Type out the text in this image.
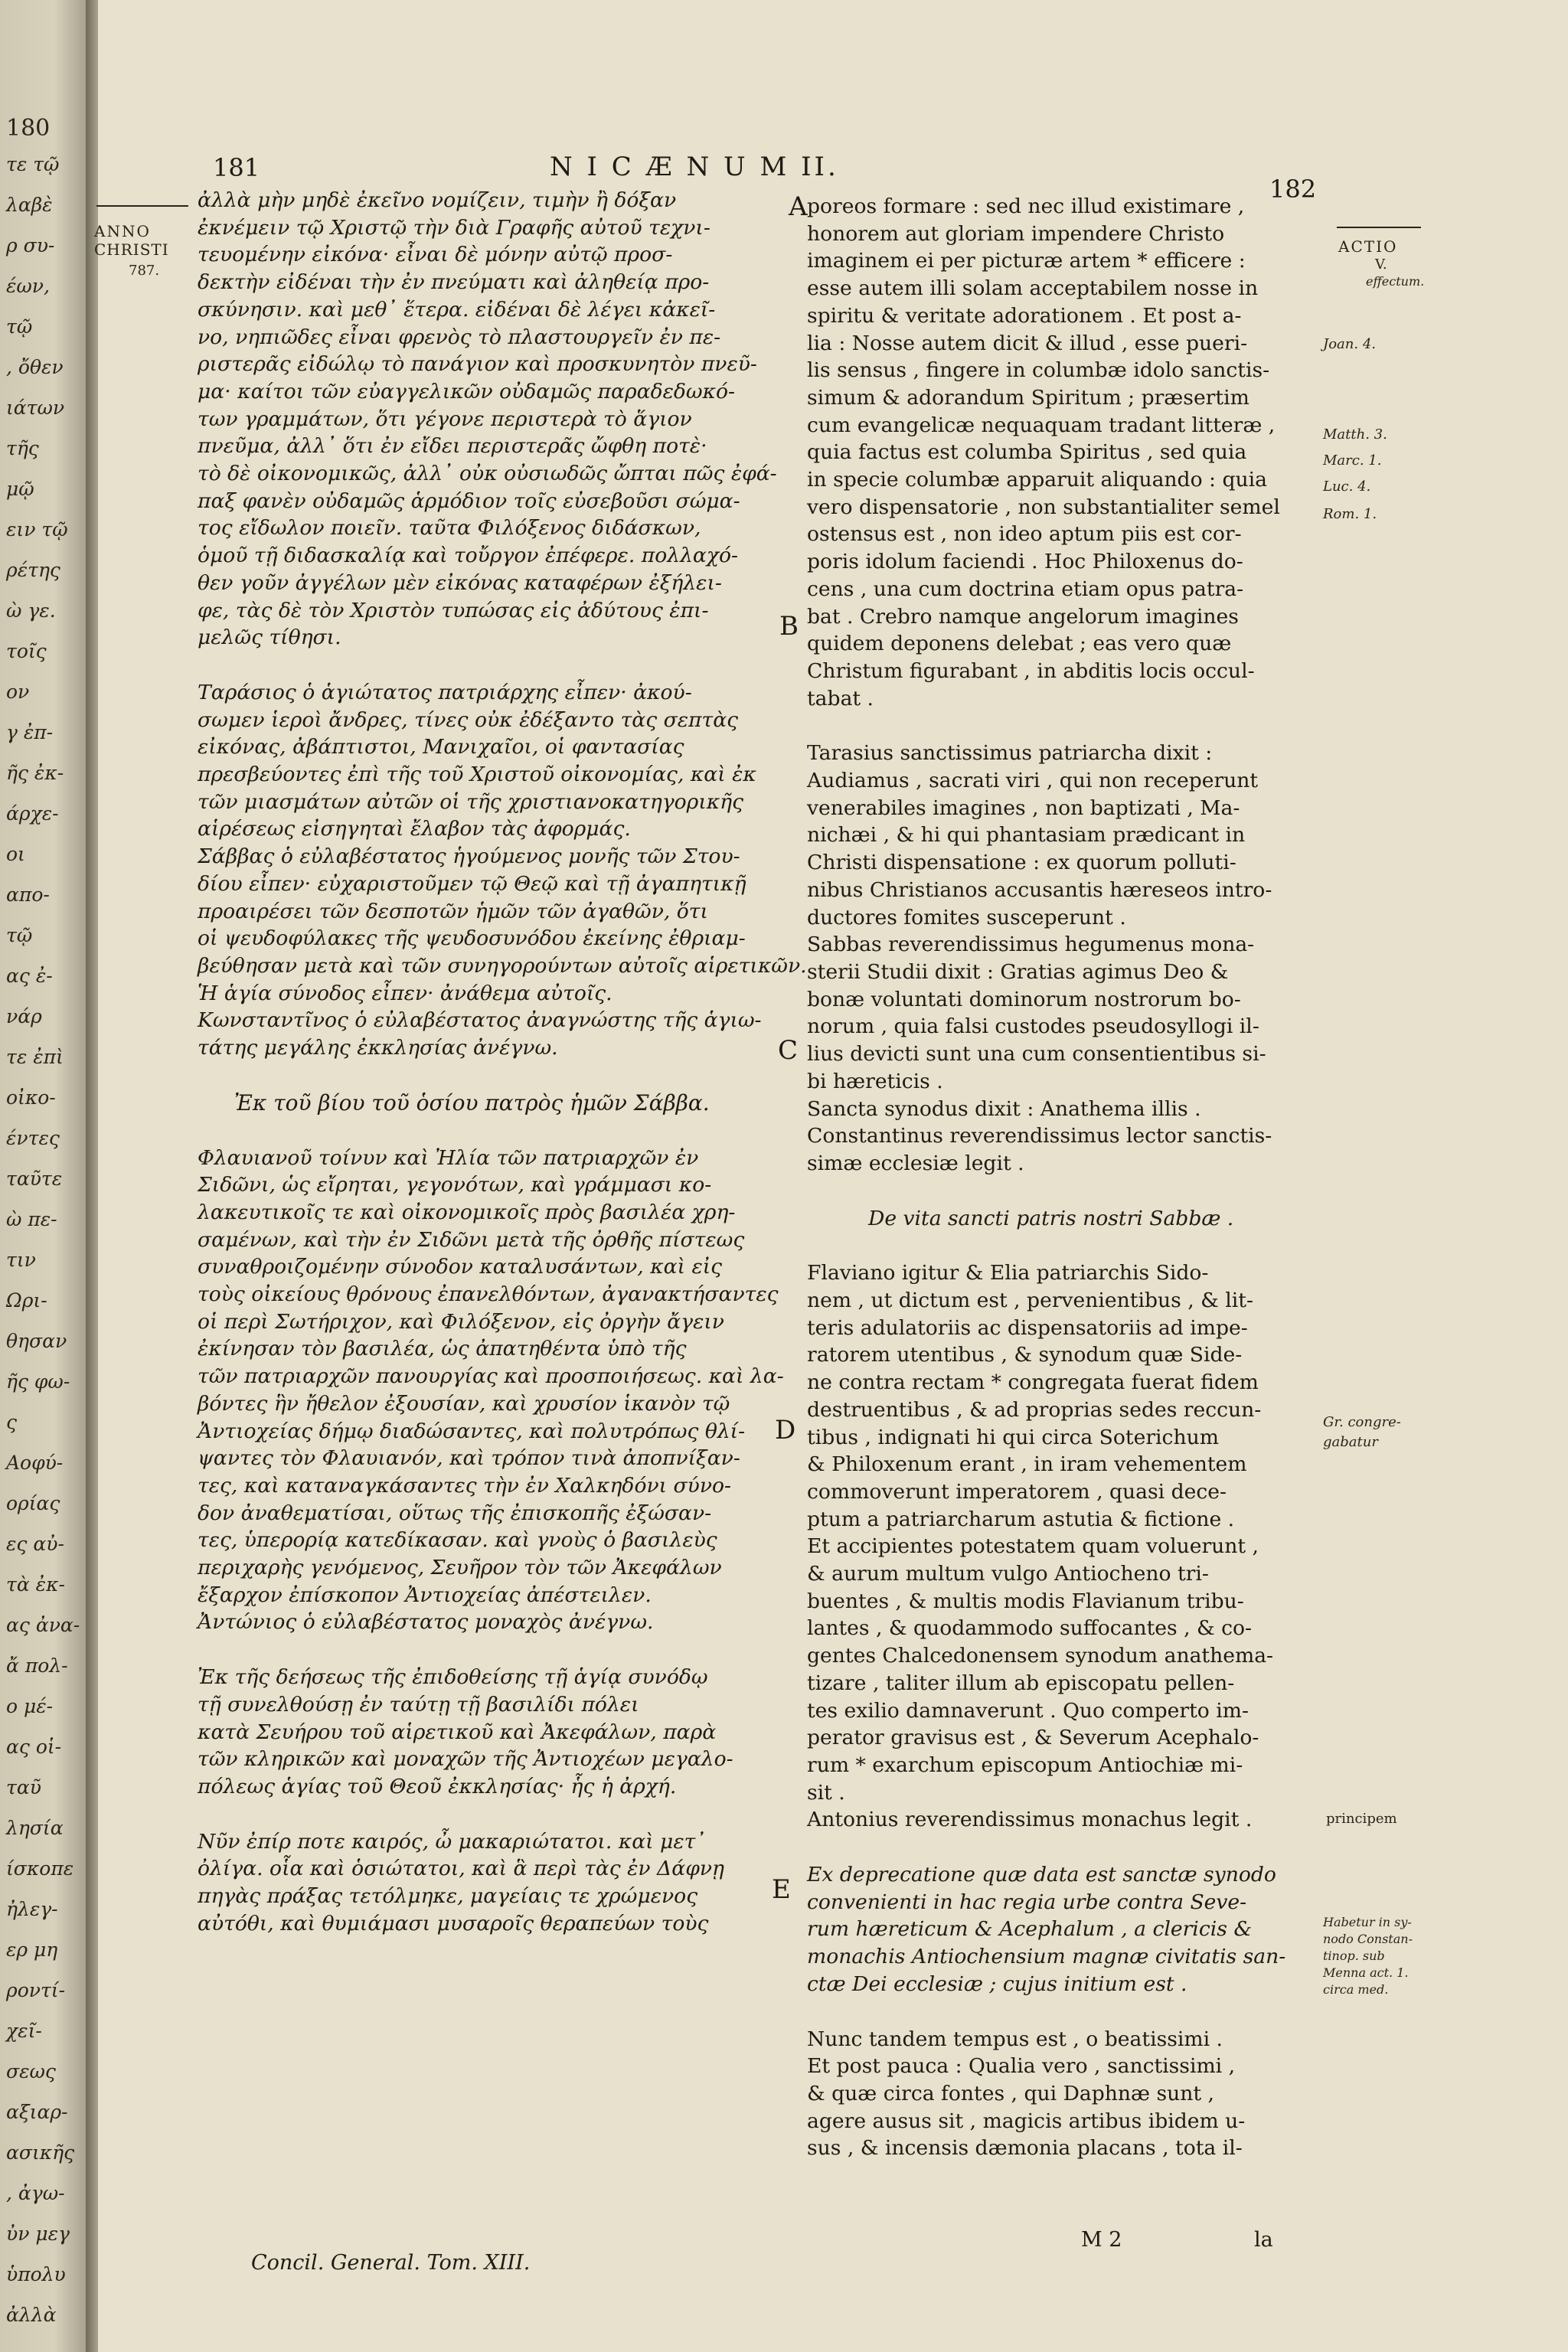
180
τε τῷ
λαβὲ
ρ συ-
έων,
τῷ
, ὄθεν
ιάτων
τῆς
μῷ
ειν τῷ
ρέτης
ὼ γε.
τοῖς
ον
γ ἐπ-
ῆς ἐκ-
άρχε-
οι
απο-
τῷ
ας ἐ-
νάρ
τε ἐπὶ
οἰκο-
έντες
ταῦτε
ὼ πε-
τιν
Ωρι-
θησαν
ῆς φω-
ς
Αοφύ-
ορίας
ες αὐ-
τὰ ἐκ-
ας ἀνα-
ἄ πολ-
ο μέ-
ας οἱ-
ταῦ
λησία
ίσκοπε
ἠλεγ-
ερ μη
ροντί-
χεῖ-
σεως
αξιαρ-
ασικῆς
, ἀγω-
ὐν μεγ
ὑπολυ
ἀλλὰ
181	N I C Æ N U M II.
182
ANNO
CHRISTI
787.
ACTIO
V.
effectum.
Joan. 4.
Matth. 3.
Marc. 1.
Luc. 4.
Rom. 1.
Gr. congre-
gabatur
principem
Habetur in sy-
nodo Constan-
tinop. sub
Menna act. 1.
circa med.
A
B
C
D
E

ἀλλὰ μὴν μηδὲ ἐκεῖνο νομίζειν, τιμὴν ἢ δόξαν

ἐκνέμειν τῷ Χριστῷ τὴν διὰ Γραφῆς αὐτοῦ τεχνι-

τευομένην εἰκόνα· εἶναι δὲ μόνην αὐτῷ προσ-

δεκτὴν εἰδέναι τὴν ἐν πνεύματι καὶ ἀληθείᾳ προ-

σκύνησιν. καὶ μεθ᾽ ἕτερα. εἰδέναι δὲ λέγει κἀκεῖ-

νο, νηπιῶδες εἶναι φρενὸς τὸ πλαστουργεῖν ἐν πε-

ριστερᾶς εἰδώλῳ τὸ πανάγιον καὶ προσκυνητὸν πνεῦ-

μα· καίτοι τῶν εὐαγγελικῶν οὐδαμῶς παραδεδωκό-

των γραμμάτων, ὅτι γέγονε περιστερὰ τὸ ἅγιον

πνεῦμα, ἀλλ᾽ ὅτι ἐν εἴδει περιστερᾶς ὤφθη ποτὲ·

τὸ δὲ οἰκονομικῶς, ἀλλ᾽ οὐκ οὐσιωδῶς ὤπται πῶς ἐφά-

παξ φανὲν οὐδαμῶς ἁρμόδιον τοῖς εὐσεβοῦσι σώμα-

τος εἴδωλον ποιεῖν. ταῦτα Φιλόξενος διδάσκων,

ὁμοῦ τῇ διδασκαλίᾳ καὶ τοὔργον ἐπέφερε. πολλαχό-

θεν γοῦν ἀγγέλων μὲν εἰκόνας καταφέρων ἐξήλει-

φε, τὰς δὲ τὸν Χριστὸν τυπώσας εἰς ἀδύτους ἐπι-

μελῶς τίθησι.

Ταράσιος ὁ ἁγιώτατος πατριάρχης εἶπεν· ἀκού-

σωμεν ἱεροὶ ἄνδρες, τίνες οὐκ ἐδέξαντο τὰς σεπτὰς

εἰκόνας, ἀβάπτιστοι, Μανιχαῖοι, οἱ φαντασίας

πρεσβεύοντες ἐπὶ τῆς τοῦ Χριστοῦ οἰκονομίας, καὶ ἐκ

τῶν μιασμάτων αὐτῶν οἱ τῆς χριστιανοκατηγορικῆς

αἱρέσεως εἰσηγηταὶ ἔλαβον τὰς ἀφορμάς.

Σάββας ὁ εὐλαβέστατος ἡγούμενος μονῆς τῶν Στου-

δίου εἶπεν· εὐχαριστοῦμεν τῷ Θεῷ καὶ τῇ ἀγαπητικῇ

προαιρέσει τῶν δεσποτῶν ἡμῶν τῶν ἀγαθῶν, ὅτι

οἱ ψευδοφύλακες τῆς ψευδοσυνόδου ἐκείνης ἐθριαμ-

βεύθησαν μετὰ καὶ τῶν συνηγορούντων αὐτοῖς αἱρετικῶν.

Ἡ ἁγία σύνοδος εἶπεν· ἀνάθεμα αὐτοῖς.

Κωνσταντῖνος ὁ εὐλαβέστατος ἀναγνώστης τῆς ἁγιω-

τάτης μεγάλης ἐκκλησίας ἀνέγνω.

Ἐκ τοῦ βίου τοῦ ὁσίου πατρὸς ἡμῶν Σάββα.

Φλαυιανοῦ τοίνυν καὶ Ἠλία τῶν πατριαρχῶν ἐν

Σιδῶνι, ὡς εἴρηται, γεγονότων, καὶ γράμμασι κο-

λακευτικοῖς τε καὶ οἰκονομικοῖς πρὸς βασιλέα χρη-

σαμένων, καὶ τὴν ἐν Σιδῶνι μετὰ τῆς ὀρθῆς πίστεως

συναθροιζομένην σύνοδον καταλυσάντων, καὶ εἰς

τοὺς οἰκείους θρόνους ἐπανελθόντων, ἀγανακτήσαντες

οἱ περὶ Σωτήριχον, καὶ Φιλόξενον, εἰς ὀργὴν ἄγειν

ἐκίνησαν τὸν βασιλέα, ὡς ἀπατηθέντα ὑπὸ τῆς

τῶν πατριαρχῶν πανουργίας καὶ προσποιήσεως. καὶ λα-

βόντες ἣν ἤθελον ἐξουσίαν, καὶ χρυσίον ἱκανὸν τῷ

Ἀντιοχείας δήμῳ διαδώσαντες, καὶ πολυτρόπως θλί-

ψαντες τὸν Φλαυιανόν, καὶ τρόπον τινὰ ἀποπνίξαν-

τες, καὶ καταναγκάσαντες τὴν ἐν Χαλκηδόνι σύνο-

δον ἀναθεματίσαι, οὕτως τῆς ἐπισκοπῆς ἐξώσαν-

τες, ὑπερορίᾳ κατεδίκασαν. καὶ γνοὺς ὁ βασιλεὺς

περιχαρὴς γενόμενος, Σευῆρον τὸν τῶν Ἀκεφάλων

ἔξαρχον ἐπίσκοπον Ἀντιοχείας ἀπέστειλεν.

Ἀντώνιος ὁ εὐλαβέστατος μοναχὸς ἀνέγνω.

Ἐκ τῆς δεήσεως τῆς ἐπιδοθείσης τῇ ἁγίᾳ συνόδῳ

τῇ συνελθούσῃ ἐν ταύτῃ τῇ βασιλίδι πόλει

κατὰ Σευήρου τοῦ αἱρετικοῦ καὶ Ἀκεφάλων, παρὰ

τῶν κληρικῶν καὶ μοναχῶν τῆς Ἀντιοχέων μεγαλο-

πόλεως ἁγίας τοῦ Θεοῦ ἐκκλησίας· ἧς ἡ ἀρχή.

Νῦν ἐπίρ ποτε καιρός, ὦ μακαριώτατοι. καὶ μετ᾽

ὀλίγα. οἷα καὶ ὁσιώτατοι, καὶ ἃ περὶ τὰς ἐν Δάφνῃ

πηγὰς πράξας τετόλμηκε, μαγείαις τε χρώμενος

αὐτόθι, καὶ θυμιάμασι μυσαροῖς θεραπεύων τοὺς

poreos formare : sed nec illud existimare ,

honorem aut gloriam impendere Christo

imaginem ei per picturæ artem * efficere :

esse autem illi solam acceptabilem nosse in

spiritu & veritate adorationem . Et post a-

lia : Nosse autem dicit & illud , esse pueri-

lis sensus , fingere in columbæ idolo sanctis-

simum & adorandum Spiritum ; præsertim

cum evangelicæ nequaquam tradant litteræ ,

quia factus est columba Spiritus , sed quia

in specie columbæ apparuit aliquando : quia

vero dispensatorie , non substantialiter semel

ostensus est , non ideo aptum piis est cor-

poris idolum faciendi . Hoc Philoxenus do-

cens , una cum doctrina etiam opus patra-

bat . Crebro namque angelorum imagines

quidem deponens delebat ; eas vero quæ

Christum figurabant , in abditis locis occul-

tabat .

Tarasius sanctissimus patriarcha dixit :

Audiamus , sacrati viri , qui non receperunt

venerabiles imagines , non baptizati , Ma-

nichæi , & hi qui phantasiam prædicant in

Christi dispensatione : ex quorum polluti-

nibus Christianos accusantis hæreseos intro-

ductores fomites susceperunt .

Sabbas reverendissimus hegumenus mona-

sterii Studii dixit : Gratias agimus Deo &

bonæ voluntati dominorum nostrorum bo-

norum , quia falsi custodes pseudosyllogi il-

lius devicti sunt una cum consentientibus si-

bi hæreticis .

Sancta synodus dixit : Anathema illis .

Constantinus reverendissimus lector sanctis-

simæ ecclesiæ legit .

De vita sancti patris nostri Sabbæ .

Flaviano igitur & Elia patriarchis Sido-

nem , ut dictum est , pervenientibus , & lit-

teris adulatoriis ac dispensatoriis ad impe-

ratorem utentibus , & synodum quæ Side-

ne contra rectam * congregata fuerat fidem

destruentibus , & ad proprias sedes reccun-

tibus , indignati hi qui circa Soterichum

& Philoxenum erant , in iram vehementem

commoverunt imperatorem , quasi dece-

ptum a patriarcharum astutia & fictione .

Et accipientes potestatem quam voluerunt ,

& aurum multum vulgo Antiocheno tri-

buentes , & multis modis Flavianum tribu-

lantes , & quodammodo suffocantes , & co-

gentes Chalcedonensem synodum anathema-

tizare , taliter illum ab episcopatu pellen-

tes exilio damnaverunt . Quo comperto im-

perator gravisus est , & Severum Acephalo-

rum * exarchum episcopum Antiochiæ mi-

sit .

Antonius reverendissimus monachus legit .

Ex deprecatione quæ data est sanctæ synodo

convenienti in hac regia urbe contra Seve-

rum hæreticum & Acephalum , a clericis &

monachis Antiochensium magnæ civitatis san-

ctæ Dei ecclesiæ ; cujus initium est .

Nunc tandem tempus est , o beatissimi .

Et post pauca : Qualia vero , sanctissimi ,

& quæ circa fontes , qui Daphnæ sunt ,

agere ausus sit , magicis artibus ibidem u-

sus , & incensis dæmonia placans , tota il-

Concil. General. Tom. XIII.
M 2	la
